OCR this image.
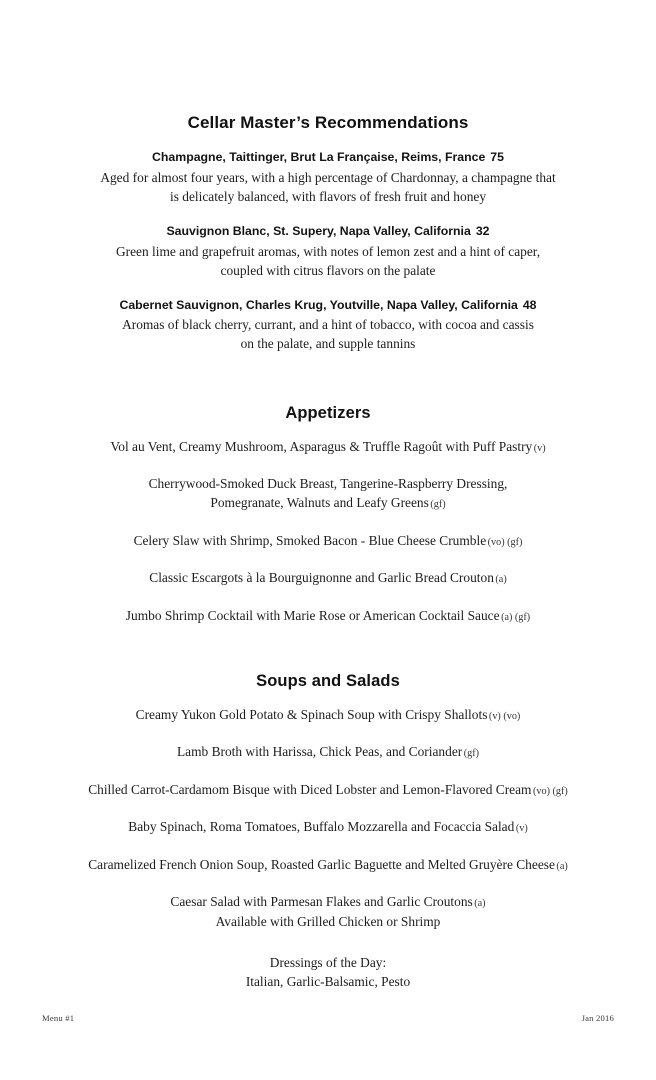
Cellar Master’s Recommendations

Champagne, Taittinger, Brut La Française, Reims, France 75

Aged for almost four years, with a high percentage of Chardonnay, a champagne that
is delicately balanced, with flavors of fresh fruit and honey

Sauvignon Blanc, St. Supery, Napa Valley, California 32

Green lime and grapefruit aromas, with notes of lemon zest and a hint of caper,
coupled with citrus flavors on the palate

Cabernet Sauvignon, Charles Krug, Youtville, Napa Valley, California 48

Aromas of black cherry, currant, and a hint of tobacco, with cocoa and cassis
on the palate, and supple tannins

Appetizers

Vol au Vent, Creamy Mushroom, Asparagus & Truffle Ragoût with Puff Pastry (v)

Cherrywood-Smoked Duck Breast, Tangerine-Raspberry Dressing,
Pomegranate, Walnuts and Leafy Greens (gf)

Celery Slaw with Shrimp, Smoked Bacon - Blue Cheese Crumble (vo) (gf)

Classic Escargots à la Bourguignonne and Garlic Bread Crouton (a)

Jumbo Shrimp Cocktail with Marie Rose or American Cocktail Sauce (a) (gf)

Soups and Salads

Creamy Yukon Gold Potato & Spinach Soup with Crispy Shallots (v) (vo)

Lamb Broth with Harissa, Chick Peas, and Coriander (gf)

Chilled Carrot-Cardamom Bisque with Diced Lobster and Lemon-Flavored Cream (vo) (gf)

Baby Spinach, Roma Tomatoes, Buffalo Mozzarella and Focaccia Salad (v)

Caramelized French Onion Soup, Roasted Garlic Baguette and Melted Gruyère Cheese (a)

Caesar Salad with Parmesan Flakes and Garlic Croutons (a)
Available with Grilled Chicken or Shrimp

Dressings of the Day:
Italian, Garlic-Balsamic, Pesto
Menu #1	Jan 2016
